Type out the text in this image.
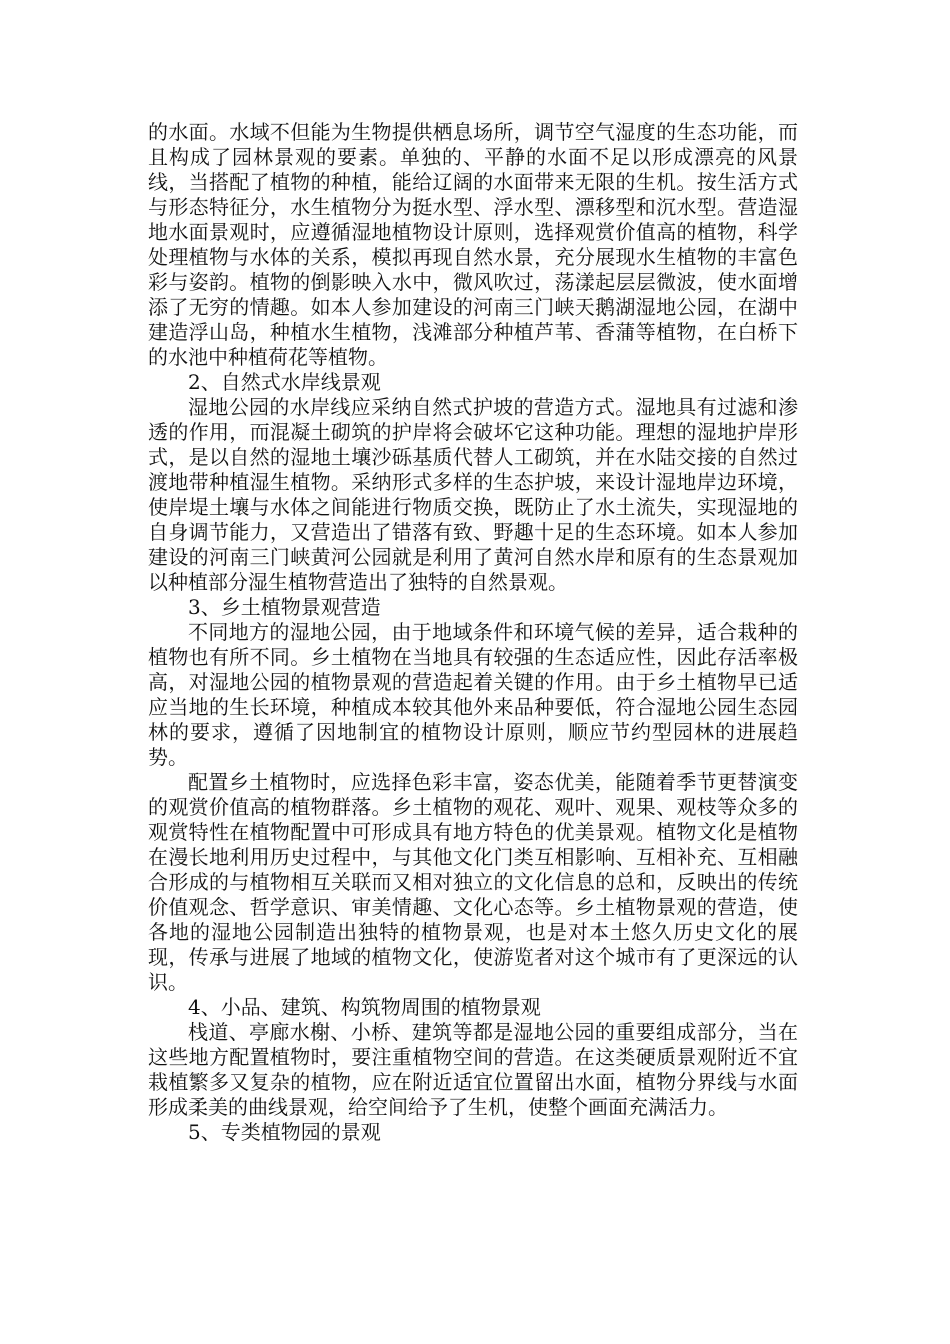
的水面。水域不但能为生物提供栖息场所，调节空气湿度的生态功能，而且构成了园林景观的要素。单独的、平静的水面不足以形成漂亮的风景线，当搭配了植物的种植，能给辽阔的水面带来无限的生机。按生活方式与形态特征分，水生植物分为挺水型、浮水型、漂移型和沉水型。营造湿地水面景观时，应遵循湿地植物设计原则，选择观赏价值高的植物，科学处理植物与水体的关系，模拟再现自然水景，充分展现水生植物的丰富色彩与姿韵。植物的倒影映入水中，微风吹过，荡漾起层层微波，使水面增添了无穷的情趣。如本人参加建设的河南三门峡天鹅湖湿地公园，在湖中建造浮山岛，种植水生植物，浅滩部分种植芦苇、香蒲等植物，在白桥下的水池中种植荷花等植物。

2、自然式水岸线景观

湿地公园的水岸线应采纳自然式护坡的营造方式。湿地具有过滤和渗透的作用，而混凝土砌筑的护岸将会破坏它这种功能。理想的湿地护岸形式，是以自然的湿地土壤沙砾基质代替人工砌筑，并在水陆交接的自然过渡地带种植湿生植物。采纳形式多样的生态护坡，来设计湿地岸边环境，使岸堤土壤与水体之间能进行物质交换，既防止了水土流失，实现湿地的自身调节能力，又营造出了错落有致、野趣十足的生态环境。如本人参加建设的河南三门峡黄河公园就是利用了黄河自然水岸和原有的生态景观加以种植部分湿生植物营造出了独特的自然景观。

3、乡土植物景观营造

不同地方的湿地公园，由于地域条件和环境气候的差异，适合栽种的植物也有所不同。乡土植物在当地具有较强的生态适应性，因此存活率极高，对湿地公园的植物景观的营造起着关键的作用。由于乡土植物早已适应当地的生长环境，种植成本较其他外来品种要低，符合湿地公园生态园林的要求，遵循了因地制宜的植物设计原则，顺应节约型园林的进展趋势。

配置乡土植物时，应选择色彩丰富，姿态优美，能随着季节更替演变的观赏价值高的植物群落。乡土植物的观花、观叶、观果、观枝等众多的观赏特性在植物配置中可形成具有地方特色的优美景观。植物文化是植物在漫长地利用历史过程中，与其他文化门类互相影响、互相补充、互相融合形成的与植物相互关联而又相对独立的文化信息的总和，反映出的传统价值观念、哲学意识、审美情趣、文化心态等。乡土植物景观的营造，使各地的湿地公园制造出独特的植物景观，也是对本土悠久历史文化的展现，传承与进展了地域的植物文化，使游览者对这个城市有了更深远的认识。

4、小品、建筑、构筑物周围的植物景观

栈道、亭廊水榭、小桥、建筑等都是湿地公园的重要组成部分，当在这些地方配置植物时，要注重植物空间的营造。在这类硬质景观附近不宜栽植繁多又复杂的植物，应在附近适宜位置留出水面，植物分界线与水面形成柔美的曲线景观，给空间给予了生机，使整个画面充满活力。

5、专类植物园的景观
